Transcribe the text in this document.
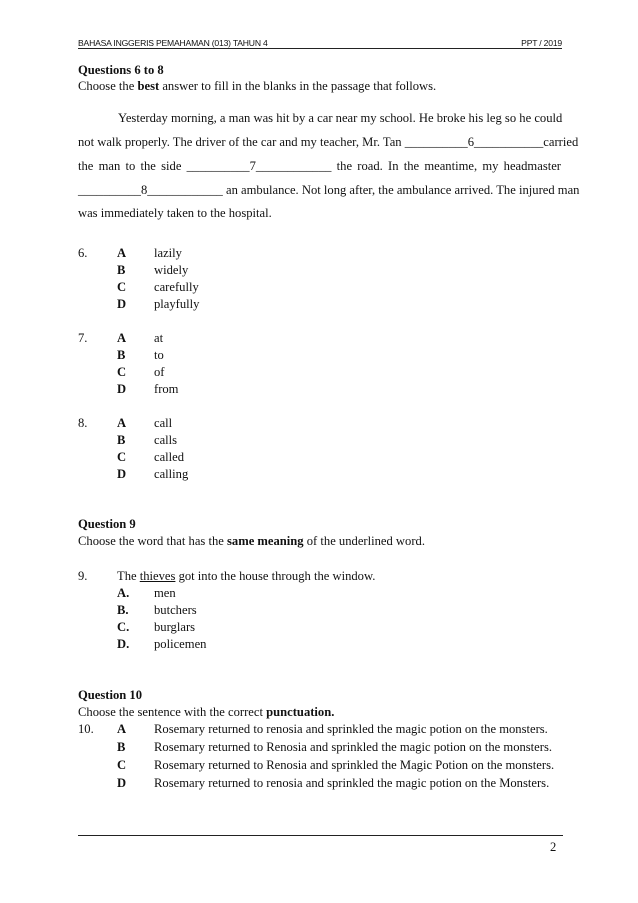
BAHASA INGGERIS PEMAHAMAN (013) TAHUN 4	PPT / 2019
Questions 6 to 8
Choose the best answer to fill in the blanks in the passage that follows.
Yesterday morning, a man was hit by a car near my school. He broke his leg so he could
not walk properly. The driver of the car and my teacher, Mr. Tan __________6___________carried
the man to the side __________7____________ the road. In the meantime, my headmaster
__________8____________ an ambulance. Not long after, the ambulance arrived. The injured man
was immediately taken to the hospital.
6. A lazily
B widely
C carefully
D playfully
7. A at
B to
C of
D from
8. A call
B calls
C called
D calling
Question 9
Choose the word that has the same meaning of the underlined word.
9. The thieves got into the house through the window.
A. men
B. butchers
C. burglars
D. policemen
Question 10
Choose the sentence with the correct punctuation.
10. A Rosemary returned to renosia and sprinkled the magic potion on the monsters.
B Rosemary returned to Renosia and sprinkled the magic potion on the monsters.
C Rosemary returned to Renosia and sprinkled the Magic Potion on the monsters.
D Rosemary returned to renosia and sprinkled the magic potion on the Monsters.
2
